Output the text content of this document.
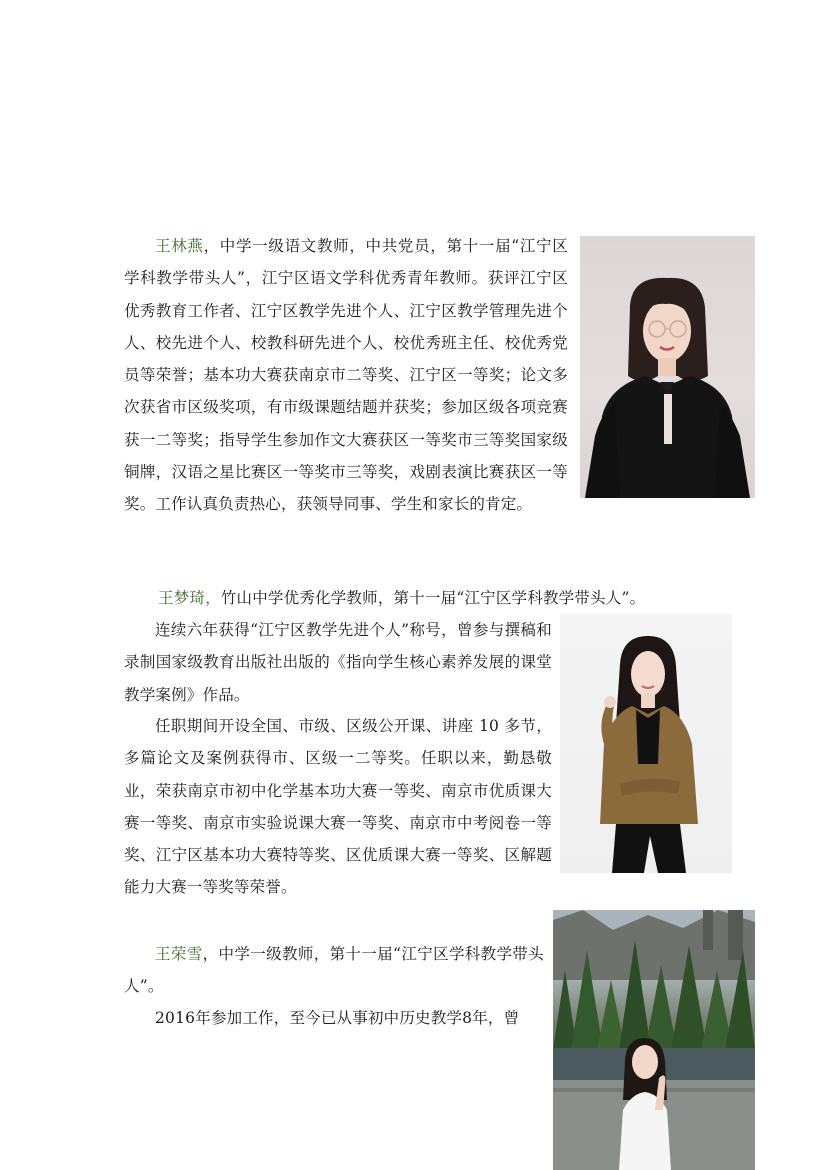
王林燕，中学一级语文教师，中共党员，第十一届“江宁区学科教学带头人”，江宁区语文学科优秀青年教师。获评江宁区优秀教育工作者、江宁区教学先进个人、江宁区教学管理先进个人、校先进个人、校教科研先进个人、校优秀班主任、校优秀党员等荣誉；基本功大赛获南京市二等奖、江宁区一等奖；论文多次获省市区级奖项，有市级课题结题并获奖；参加区级各项竞赛获一二等奖；指导学生参加作文大赛获区一等奖市三等奖国家级铜牌，汉语之星比赛区一等奖市三等奖，戏剧表演比赛获区一等奖。工作认真负责热心，获领导同事、学生和家长的肯定。

王梦琦，竹山中学优秀化学教师，第十一届“江宁区学科教学带头人”。

连续六年获得“江宁区教学先进个人”称号，曾参与撰稿和录制国家级教育出版社出版的《指向学生核心素养发展的课堂教学案例》作品。

任职期间开设全国、市级、区级公开课、讲座 10 多节，多篇论文及案例获得市、区级一二等奖。任职以来，勤恳敬业，荣获南京市初中化学基本功大赛一等奖、南京市优质课大赛一等奖、南京市实验说课大赛一等奖、南京市中考阅卷一等奖、江宁区基本功大赛特等奖、区优质课大赛一等奖、区解题能力大赛一等奖等荣誉。

王荣雪，中学一级教师，第十一届“江宁区学科教学带头人”。

2016年参加工作，至今已从事初中历史教学8年，曾
